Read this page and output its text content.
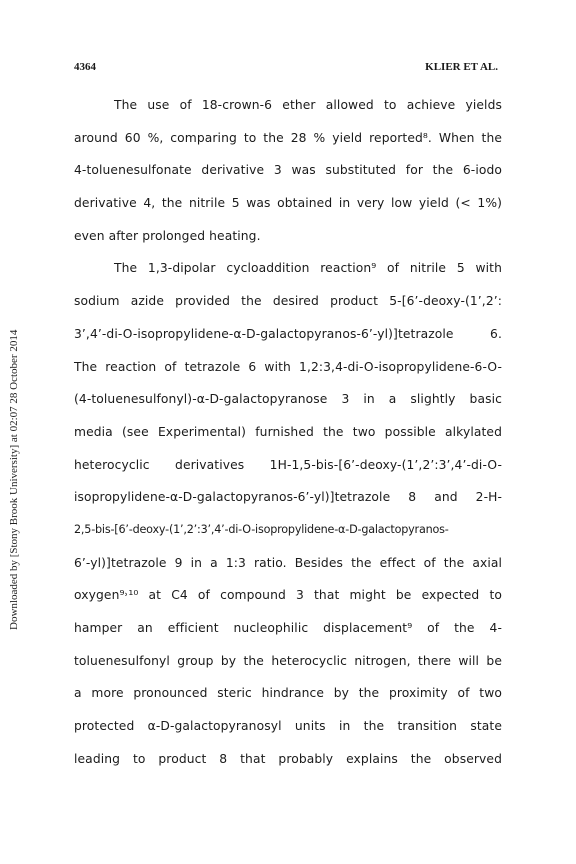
4364	KLIER ET AL.
Downloaded by [Stony Brook University] at 02:07 28 October 2014
The use of 18-crown-6 ether allowed to achieve yields
around 60 %, comparing to the 28 % yield reported⁸. When the
4-toluenesulfonate derivative 3 was substituted for the 6-iodo
derivative 4, the nitrile 5 was obtained in very low yield (< 1%)
even after prolonged heating.
The 1,3-dipolar cycloaddition reaction⁹ of nitrile 5 with
sodium azide provided the desired product 5-[6’-deoxy-(1’,2’:
3’,4’-di-O-isopropylidene-α-D-galactopyranos-6’-yl)]tetrazole 6.
The reaction of tetrazole 6 with 1,2:3,4-di-O-isopropylidene-6-O-
(4-toluenesulfonyl)-α-D-galactopyranose 3 in a slightly basic
media (see Experimental) furnished the two possible alkylated
heterocyclic derivatives 1H-1,5-bis-[6’-deoxy-(1’,2’:3’,4’-di-O-
isopropylidene-α-D-galactopyranos-6’-yl)]tetrazole 8 and 2-H-
2,5-bis-[6’-deoxy-(1’,2’:3’,4’-di-O-isopropylidene-α-D-galactopyranos-
6’-yl)]tetrazole 9 in a 1:3 ratio. Besides the effect of the axial
oxygen⁹˒¹⁰ at C4 of compound 3 that might be expected to
hamper an efficient nucleophilic displacement⁹ of the 4-
toluenesulfonyl group by the heterocyclic nitrogen, there will be
a more pronounced steric hindrance by the proximity of two
protected α-D-galactopyranosyl units in the transition state
leading to product 8 that probably explains the observed
